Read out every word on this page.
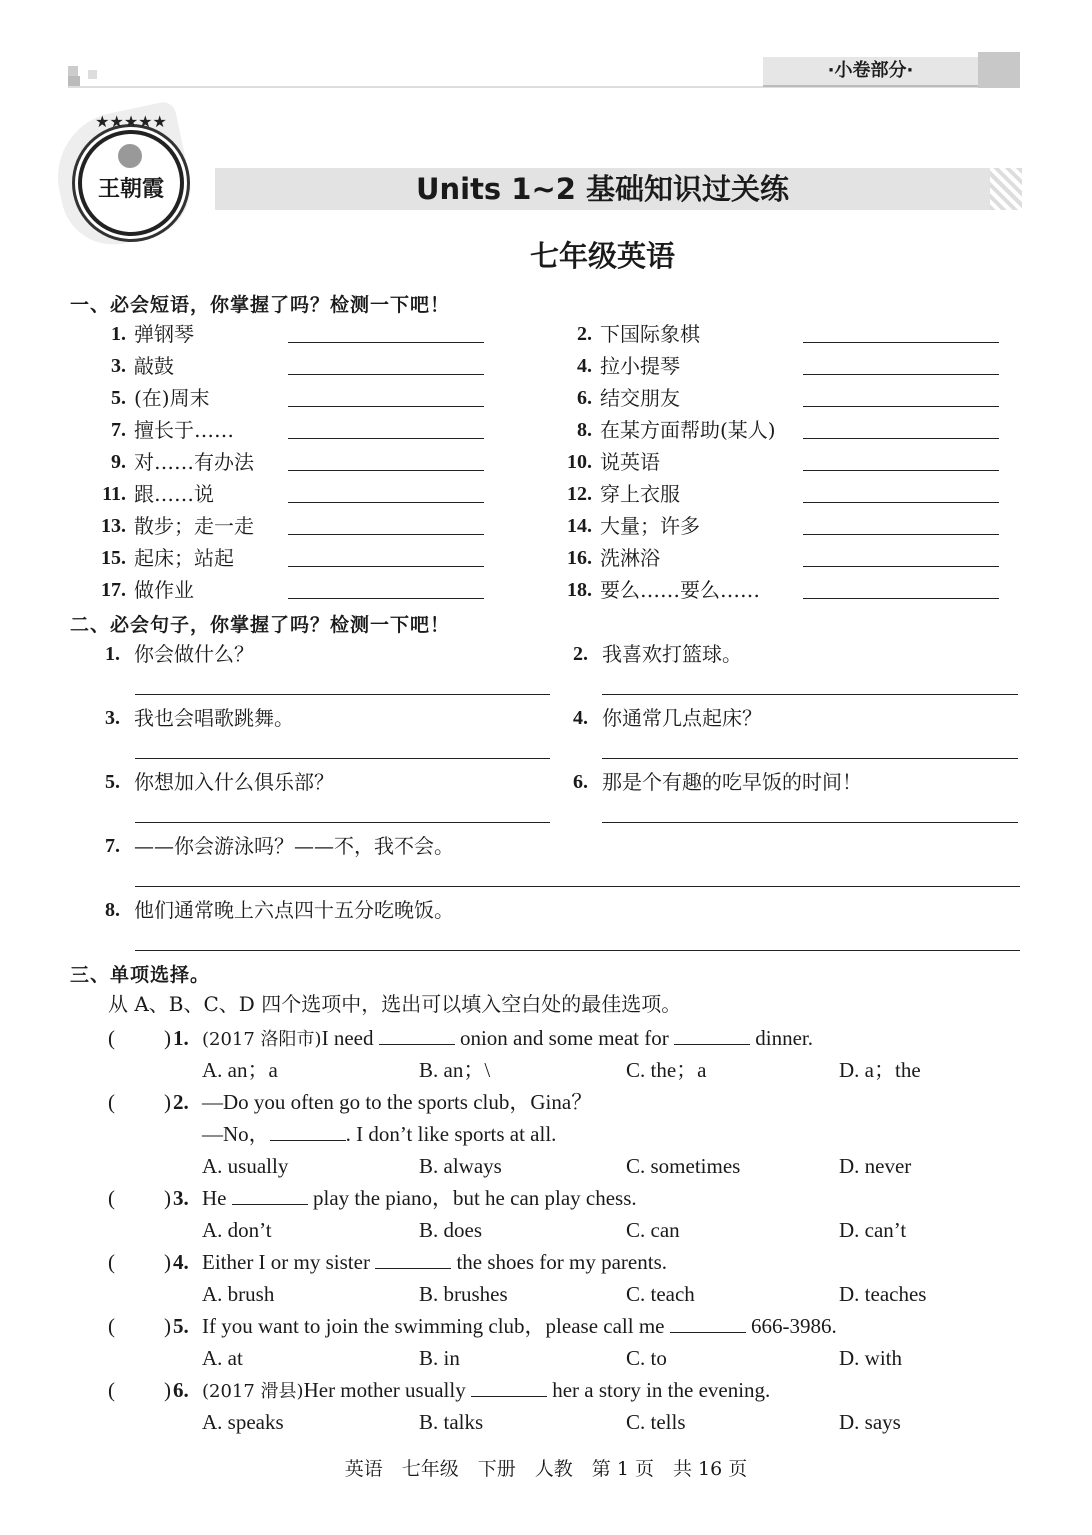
·小卷部分·
★★★★★
王朝霞	Units 1~2 基础知识过关练
七年级英语
一、必会短语，你掌握了吗？检测一下吧！
1. 弹钢琴	2. 下国际象棋
3. 敲鼓	4. 拉小提琴
5. (在)周末	6. 结交朋友
7. 擅长于……	8. 在某方面帮助(某人)
9. 对……有办法	10. 说英语
11. 跟……说	12. 穿上衣服
13. 散步；走一走	14. 大量；许多
15. 起床；站起	16. 洗淋浴
17. 做作业	18. 要么……要么……
二、必会句子，你掌握了吗？检测一下吧！
1. 你会做什么？	2. 我喜欢打篮球。
3. 我也会唱歌跳舞。	4. 你通常几点起床？
5. 你想加入什么俱乐部？	6. 那是个有趣的吃早饭的时间！
7. ——你会游泳吗？——不，我不会。
8. 他们通常晚上六点四十五分吃晚饭。
三、单项选择。
从 A、B、C、D 四个选项中，选出可以填入空白处的最佳选项。
( ) 1. (2017 洛阳市)I need	onion and some meat for	dinner.
A. an；a	B. an；\	C. the；a	D. a；the
( ) 2. —Do you often go to the sports club，Gina？
—No，	. I don’t like sports at all.
A. usually	B. always	C. sometimes	D. never
( ) 3. He	play the piano，but he can play chess.
A. don’t	B. does	C. can	D. can’t
( ) 4. Either I or my sister	the shoes for my parents.
A. brush	B. brushes	C. teach	D. teaches
( ) 5. If you want to join the swimming club，please call me	666-3986.
A. at	B. in	C. to	D. with
( ) 6. (2017 滑县)Her mother usually	her a story in the evening.
A. speaks	B. talks	C. tells	D. says
英语　七年级　下册　人教　第 1 页　共 16 页
